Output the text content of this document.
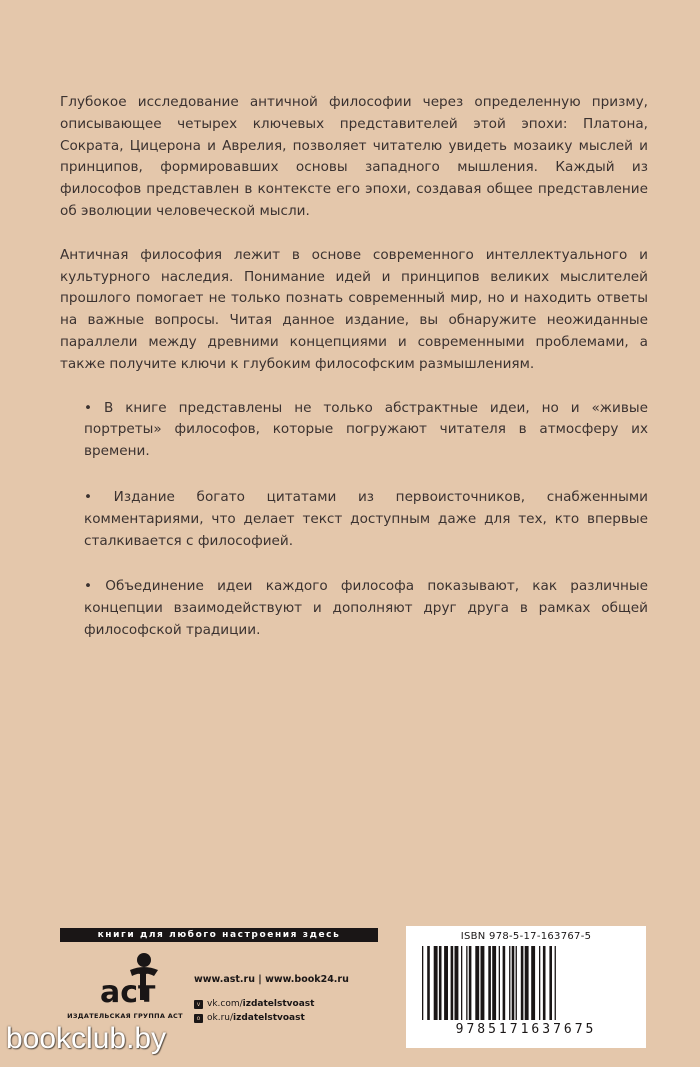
Глубокое исследование античной философии через определенную призму, описывающее четырех ключевых представителей этой эпохи: Платона, Сократа, Цицерона и Аврелия, позволяет читателю увидеть мозаику мыслей и принципов, формировавших основы западного мышления. Каждый из философов представлен в контексте его эпохи, создавая общее представление об эволюции человеческой мысли.

Античная философия лежит в основе современного интеллектуального и культурного наследия. Понимание идей и принципов великих мыслителей прошлого помогает не только познать современный мир, но и находить ответы на важные вопросы. Читая данное издание, вы обнаружите неожиданные параллели между древними концепциями и современными проблемами, а также получите ключи к глубоким философским размышлениям.

• В книге представлены не только абстрактные идеи, но и «живые портреты» философов, которые погружают читателя в атмосферу их времени.

• Издание богато цитатами из первоисточников, снабженными комментариями, что делает текст доступным даже для тех, кто впервые сталкивается с философией.

• Объединение идеи каждого философа показывают, как различные концепции взаимодействуют и дополняют друг друга в рамках общей философской традиции.

книги для любого настроения здесь
аст
ИЗДАТЕЛЬСКАЯ ГРУППА АСТ
www.ast.ru | www.book24.ru
v vk.com/ izdatelstvoast
o ok.ru/ izdatelstvoast
ISBN 978-5-17-163767-5
9785171637675
bookclub.by
